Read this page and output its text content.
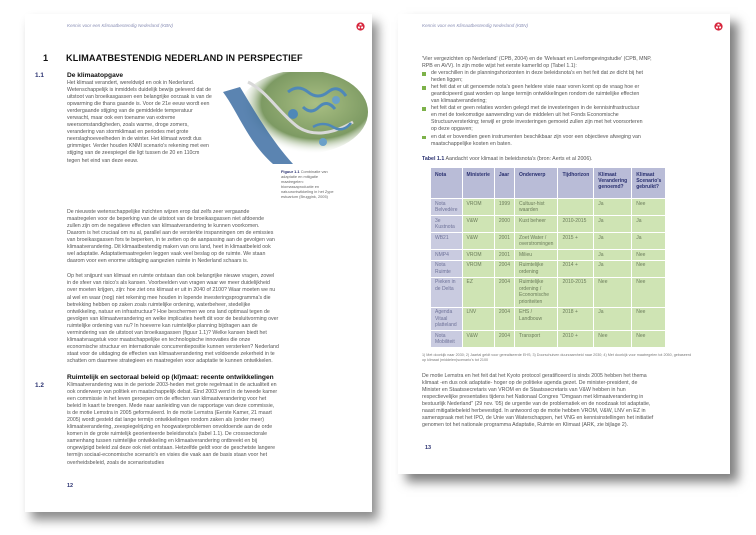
Kennis voor een Klimaatbestendig Nederland (KBN)
1 KLIMAATBESTENDIG NEDERLAND IN PERSPECTIEF
1.1	De klimaatopgave
Figuur 1.1 Combinatie van adaptatie en mitigatie maatregelen: biomassaproductie en natuurontwikkeling in het Zype estuarium (Bruggink, 2005)

Het klimaat verandert, wereldwijd en ook in Nederland. Wetenschappelijk is inmiddels duidelijk bewijs geleverd dat de uitstoot van broeikasgassen een belangrijke oorzaak is van de opwarming die thans gaande is. Voor de 21e eeuw wordt een verdergaande stijging van de gemiddelde temperatuur verwacht, maar ook een toename van extreme weersomstandigheden, zoals warme, droge zomers, verandering van stormklimaat en periodes met grote neerslaghoeveelheden in de winter. Het klimaat wordt dus grimmiger. Verder houden KNMI scenario's rekening met een stijging van de zeespiegel die ligt tussen de 20 en 110cm tegen het eind van deze eeuw.

De nieuwste wetenschappelijke inzichten wijzen erop dat zelfs zeer vergaande maatregelen voor de beperking van de uitstoot van de broeikasgassen niet afdoende zullen zijn om de negatieve effecten van klimaatverandering te kunnen voorkomen. Daarom is het cruciaal om nu al, parallel aan de versterkte inspanningen om de emissies van broeikasgassen fors te beperken, in te zetten op de aanpassing aan de gevolgen van klimaatverandering. Dit klimaatbestendig maken van ons land, heet in klimaatbeleid ook wel adaptatie. Adaptatiemaatregelen leggen vaak veel beslag op de ruimte. We staan daarom voor een enorme uitdaging aangezien ruimte in Nederland schaars is.

Op het snijpunt van klimaat en ruimte ontstaan dan ook belangrijke nieuwe vragen, zowel in de sfeer van risico's als kansen. Voorbeelden van vragen waar we meer duidelijkheid over moeten krijgen, zijn: hoe ziet ons klimaat er uit in 2040 of 2100? Waar moeten we nu al wel en waar (nog) niet rekening mee houden in lopende investeringsprogramma's die betrekking hebben op zaken zoals ruimtelijke ordening, waterbeheer, stedelijke ontwikkeling, natuur en infrastructuur? Hoe beschermen we ons land optimaal tegen de gevolgen van klimaatverandering en welke implicaties heeft dit voor de besluitvorming over ruimtelijke ordening van nu? In hoeverre kan ruimtelijke planning bijdragen aan de vermindering van de uitstoot van broeikasgassen (figuur 1.1)? Welke kansen biedt het klimaatvraagstuk voor maatschappelijke en technologische innovaties die onze economische structuur en internationale concurrentiepositie kunnen versterken? Nederland staat voor de uitdaging de effecten van klimaatverandering met voldoende zekerheid in te schatten om daarmee strategieen en maatregelen voor adaptatie te kunnen ontwikkelen.

Ruimtelijk en sectoraal beleid op (kl)maat: recente ontwikkelingen
1.2	Klimaatverandering was in de periode 2003-heden met grote regelmaat in de actualiteit en ook onderwerp van politiek en maatschappelijk debat. Eind 2003 werd in de tweede kamer een commissie in het leven geroepen om de effecten van klimaatverandering voor het beleid in kaart te brengen. Mede naar aanleiding van de rapportage van deze commissie, is de motie Lemstra in 2005 geformuleerd. In de motie Lemstra (Eerste Kamer, 21 maart 2005) wordt gesteld dat lange termijn ontwikkelingen rondom zaken als (onder meer) klimaatverandering, zeespiegelrijzing en hoogwaterproblemen onvoldoende aan de orde komen in de grote ruimtelijk georienteerde beleidsnota's (tabel 1.1). De crosssectorale samenhang tussen ruimtelijke ontwikkeling en klimaatverandering ontbreekt en bij ongewijzigd beleid zal deze ook niet ontstaan. Hetzelfde geldt voor de geschetste langere termijn sociaal-economische scenario's en visies die vaak aan de basis staan voor het overheidsbeleid, zoals de scenariostudies

12
Kennis voor een Klimaatbestendig Nederland (KBN)
'Vier vergezichten op Nederland' (CPB, 2004) en de 'Welvaart en Leefomgevingstudie' (CPB, MNP, RPB en AVV). In zijn motie wijst het eerste kamerlid op (Tabel 1.1):
de verschillen in de planningshorizonten in deze beleidsnota's en het feit dat ze dicht bij het heden liggen;
het feit dat er uit genoemde nota's geen heldere visie naar voren komt op de vraag hoe er geanticipeerd gaat worden op lange termijn ontwikkelingen rondom de ruimtelijke effecten van klimaatverandering;
het feit dat er geen relaties worden gelegd met de investeringen in de kennisinfrastructuur en met de toekomstige aanwending van de middelen uit het Fonds Economische Structuurversterking; terwijl er grote investeringen gemoeid zullen zijn met het voorsorteren op deze opgaven;
en dat er bovendien geen instrumenten beschikbaar zijn voor een objectieve afweging van maatschappelijke kosten en baten.
Tabel 1.1 Aandacht voor klimaat in beleidsnota's (bron: Aerts et al 2006).
Nota	Ministerie	Jaar	Onderwerp	Tijdhorizon	Klimaat Verandering genoemd?	Klimaat Scenario's gebruikt?
Nota Belvedère	VROM	1999	Cultuur-hist waarden		Ja	Nee
3e Kustnota	V&W	2000	Kust beheer	2010-2015	Ja	Ja
WB21	V&W	2001	Zoet Water / overstromingen	2015 +	Ja	Ja
NMP4	VROM	2001	Milieu		Ja	Nee
Nota Ruimte	VROM	2004	Ruimtelijke ordening	2014 +	Ja	Nee
Pieken in de Delta	EZ	2004	Ruimtelijke ordening / Economische prioriteiten	2010-2015	Nee	Nee
Agenda Vitaal platteland	LNV	2004	EHS / Landbouw	2018 +	Ja	Nee
Nota Mobiliteit	V&W	2004	Transport	2010 +	Nee	Nee
1) Met doorkijk naar 2030; 2) Jaartal geldt voor gerealiseerde EHS; 3) Doorschuiven duurzaamheid naar 2030; 4) Met doorkijk voor maatregelen tot 2050, gebaseerd op klimaat (middelen)scenario's tot 2100
De motie Lemstra en het feit dat het Kyoto protocol geratificeerd is sinds 2005 hebben het thema klimaat -en dus ook adaptatie- hoger op de politieke agenda gezet. De minister-president, de Minister en Staatssecretaris van VROM en de Staatssecretaris van V&W hebben in hun respectievelijke presentaties tijdens het Nationaal Congres "Omgaan met klimaatverandering in bestuurlijk Nederland" (29 nov. '05) de urgentie van de problematiek en de noodzaak tot adaptatie, naast mitigatiebeleid herbevestigd. In antwoord op de motie hebben VROM, V&W, LNV en EZ in samenspraak met het IPO, de Unie van Waterschappen, het VNG en kennisinstellingen het initiatief genomen tot het nationale programma Adaptatie, Ruimte en Klimaat (ARK, zie bijlage 2).
13
